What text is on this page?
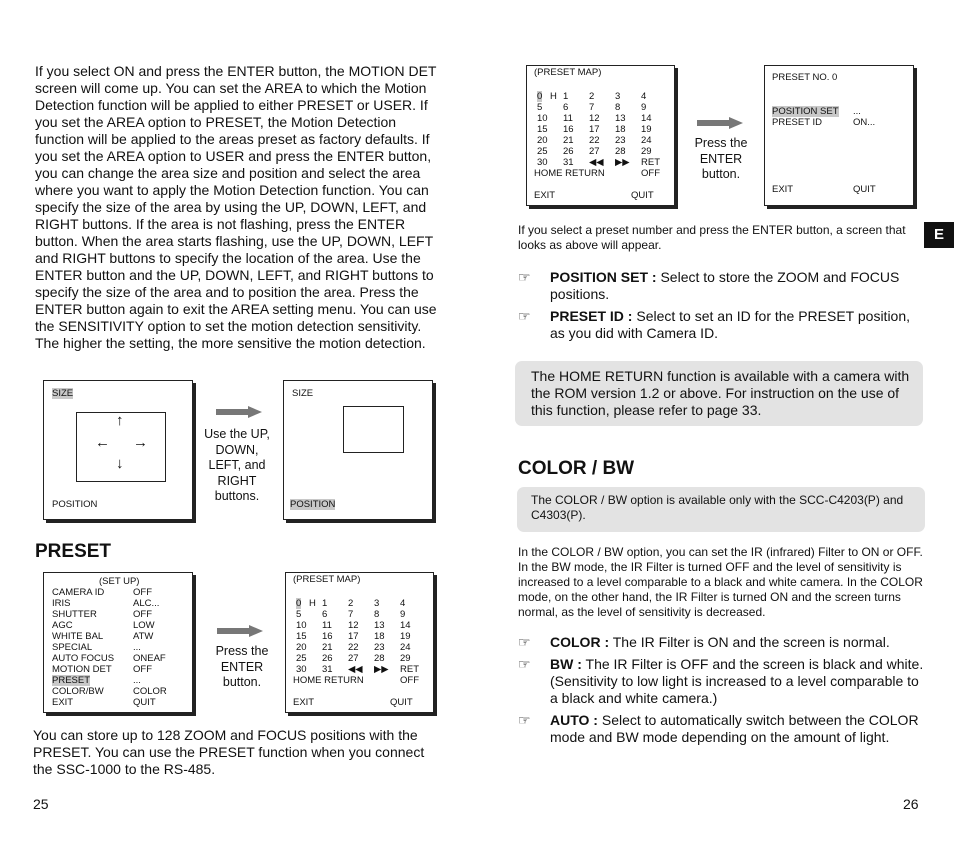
If you select ON and press the ENTER button, the MOTION DET screen will come up. You can set the AREA to which the Motion Detection function will be applied to either PRESET or USER. If you set the AREA option to PRESET, the Motion Detection function will be applied to the areas preset as factory defaults. If you set the AREA option to USER and press the ENTER button, you can change the area size and position and select the area where you want to apply the Motion Detection function. You can specify the size of the area by using the UP, DOWN, LEFT, and RIGHT buttons. If the area is not flashing, press the ENTER button. When the area starts flashing, use the UP, DOWN, LEFT and RIGHT buttons to specify the location of the area. Use the ENTER button and the UP, DOWN, LEFT, and RIGHT buttons to specify the size of the area and to position the area. Press the ENTER button again to exit the AREA setting menu. You can use the SENSITIVITY option to set the motion detection sensitivity. The higher the setting, the more sensitive the motion detection.
SIZE
↑
← →
↓
POSITION
Use the UP, DOWN, LEFT, and RIGHT buttons.
SIZE
POSITION
PRESET
(SET UP)
CAMERA ID	OFF
IRIS	ALC...
SHUTTER	OFF
AGC	LOW
WHITE BAL	ATW
SPECIAL	...
AUTO FOCUS ONEAF
MOTION DET OFF
PRESET	...
COLOR/BW	COLOR
EXIT	QUIT
Press the ENTER button.
(PRESET MAP)
0 H 1 2 3 4
5 6 7 8 9
10 11 12 13 14
15 16 17 18 19
20 21 22 23 24
25 26 27 28 29
30 31 ◀◀ ▶▶ RET
HOME RETURN	OFF
EXIT	QUIT
You can store up to 128 ZOOM and FOCUS positions with the PRESET. You can use the PRESET function when you connect the SSC-1000 to the RS-485.
25
(PRESET MAP)
0 H 1 2 3 4
5 6 7 8 9
10 11 12 13 14
15 16 17 18 19
20 21 22 23 24
25 26 27 28 29
30 31 ◀◀ ▶▶ RET
HOME RETURN	OFF
EXIT	QUIT
Press the ENTER button.
PRESET NO. 0
POSITION SET ...
PRESET ID	ON...
EXIT	QUIT
If you select a preset number and press the ENTER button, a screen that looks as above will appear.
☞	POSITION SET : Select to store the ZOOM and FOCUS positions.
☞	PRESET ID : Select to set an ID for the PRESET position, as you did with Camera ID.
The HOME RETURN function is available with a camera with the ROM version 1.2 or above. For instruction on the use of this function, please refer to page 33.
COLOR / BW
The COLOR / BW option is available only with the SCC-C4203(P) and C4303(P).
In the COLOR / BW option, you can set the IR (infrared) Filter to ON or OFF. In the BW mode, the IR Filter is turned OFF and the level of sensitivity is increased to a level comparable to a black and white camera. In the COLOR mode, on the other hand, the IR Filter is turned ON and the screen turns normal, as the level of sensitivity is decreased.
☞	COLOR : The IR Filter is ON and the screen is normal.
☞	BW : The IR Filter is OFF and the screen is black and white. (Sensitivity to low light is increased to a level comparable to a black and white camera.)
☞	AUTO : Select to automatically switch between the COLOR mode and BW mode depending on the amount of light.
E
26
